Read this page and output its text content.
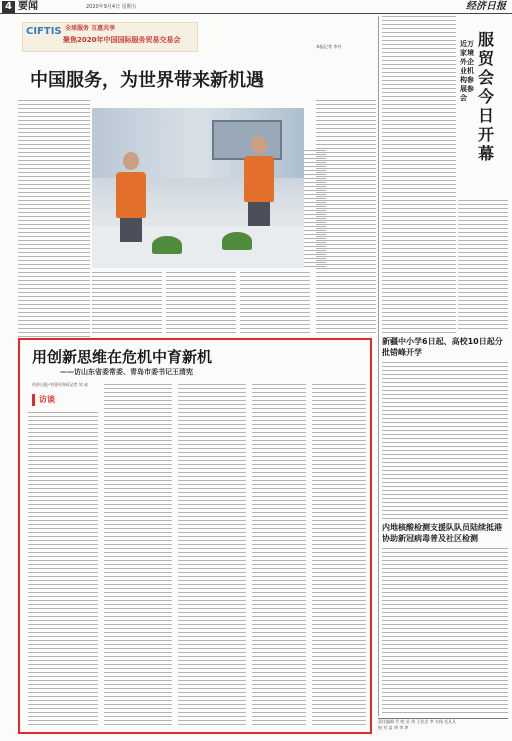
4 要闻	2020年9月4日 星期五	经济日报
CIFTIS 全球服务 互惠共享
聚焦2020年中国国际服务贸易交易会
本报记者 李丹
中国服务，为世界带来新机遇
近万家境外企业机构参展参会
服贸会今日开幕
新疆中小学6日起、高校10日起分批错峰开学
内地核酸检测支援队队员陆续抵港协助新冠病毒普及社区检测
责任编辑 代 吧 吴 剑 王宏企 李 名扬 毛凡凡
校 对 谈 津 李 津
用创新思维在危机中育新机
——访山东省委常委、青岛市委书记王清宪
经济日报·中国经济网记者 刘 成
访谈
